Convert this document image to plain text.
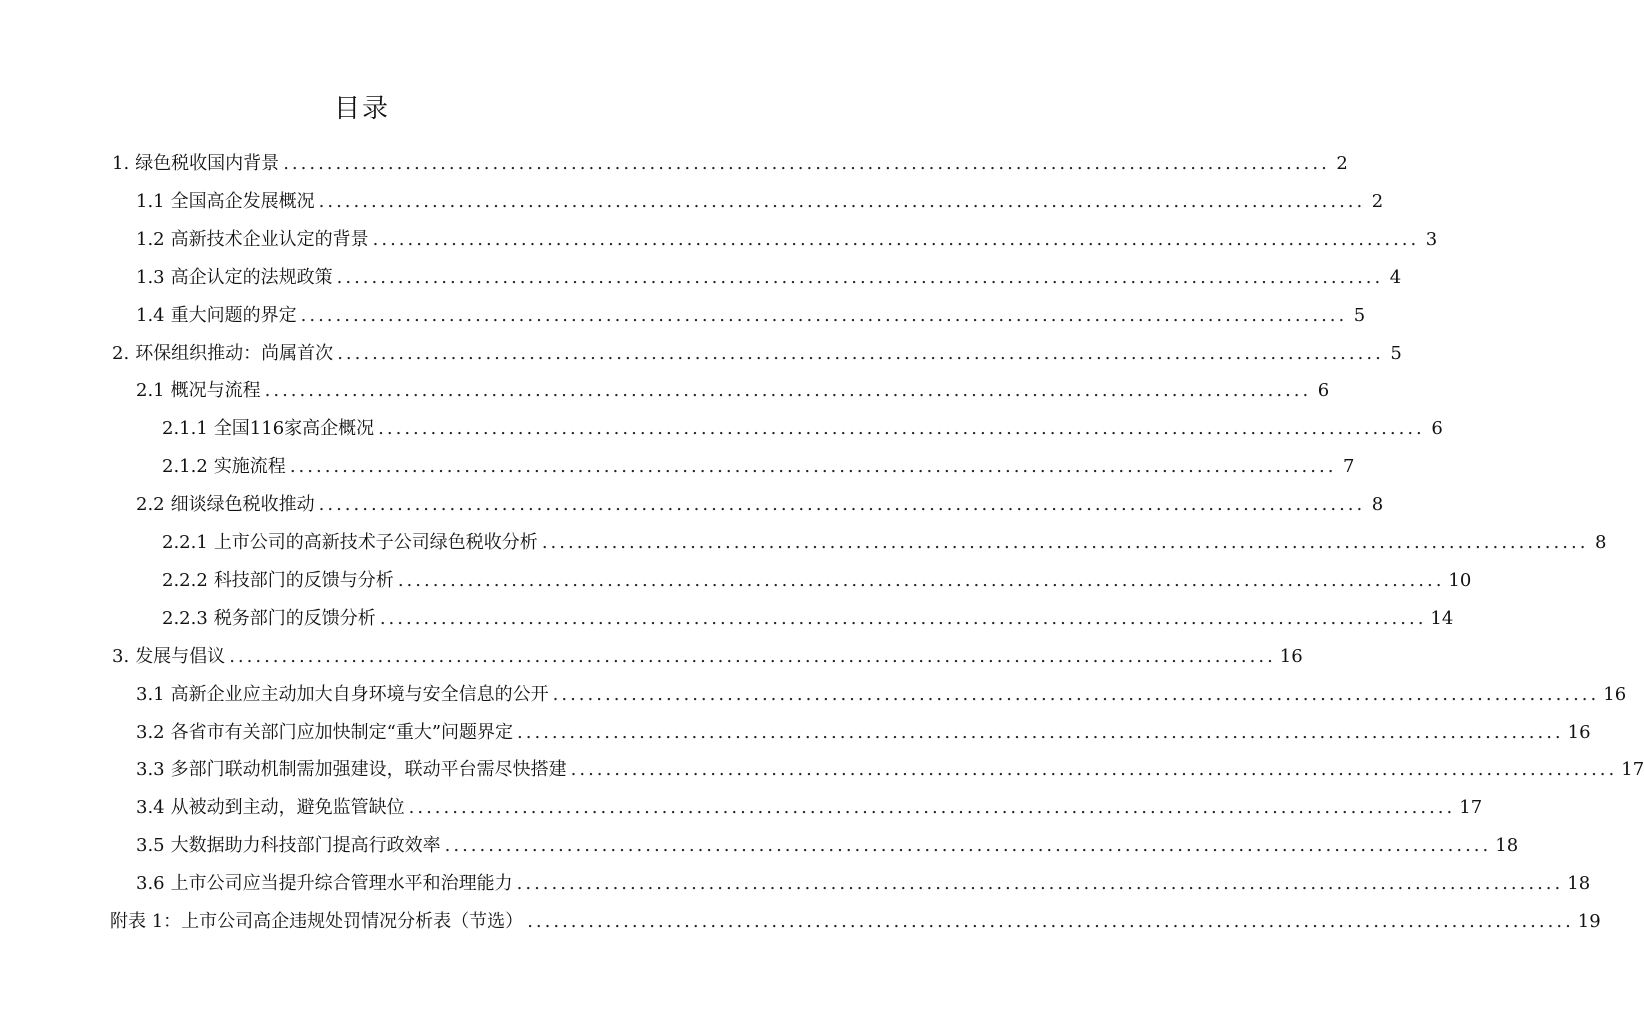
目录
1. 绿色税收国内背景 ........................................................................................................................ 2
1.1 全国高企发展概况 ........................................................................................................................ 2
1.2 高新技术企业认定的背景 ........................................................................................................................ 3
1.3 高企认定的法规政策 ........................................................................................................................ 4
1.4 重大问题的界定 ........................................................................................................................ 5
2. 环保组织推动：尚属首次 ........................................................................................................................ 5
2.1 概况与流程 ........................................................................................................................ 6
2.1.1 全国116家高企概况 ........................................................................................................................ 6
2.1.2 实施流程 ........................................................................................................................ 7
2.2 细谈绿色税收推动 ........................................................................................................................ 8
2.2.1 上市公司的高新技术子公司绿色税收分析 ........................................................................................................................ 8
2.2.2 科技部门的反馈与分析 ........................................................................................................................ 10
2.2.3 税务部门的反馈分析 ........................................................................................................................ 14
3. 发展与倡议 ........................................................................................................................ 16
3.1 高新企业应主动加大自身环境与安全信息的公开 ........................................................................................................................ 16
3.2 各省市有关部门应加快制定“重大”问题界定 ........................................................................................................................ 16
3.3 多部门联动机制需加强建设，联动平台需尽快搭建 ........................................................................................................................ 17
3.4 从被动到主动，避免监管缺位 ........................................................................................................................ 17
3.5 大数据助力科技部门提高行政效率 ........................................................................................................................ 18
3.6 上市公司应当提升综合管理水平和治理能力 ........................................................................................................................ 18
附表 1： 上市公司高企违规处罚情况分析表（节选） ........................................................................................................................ 19
